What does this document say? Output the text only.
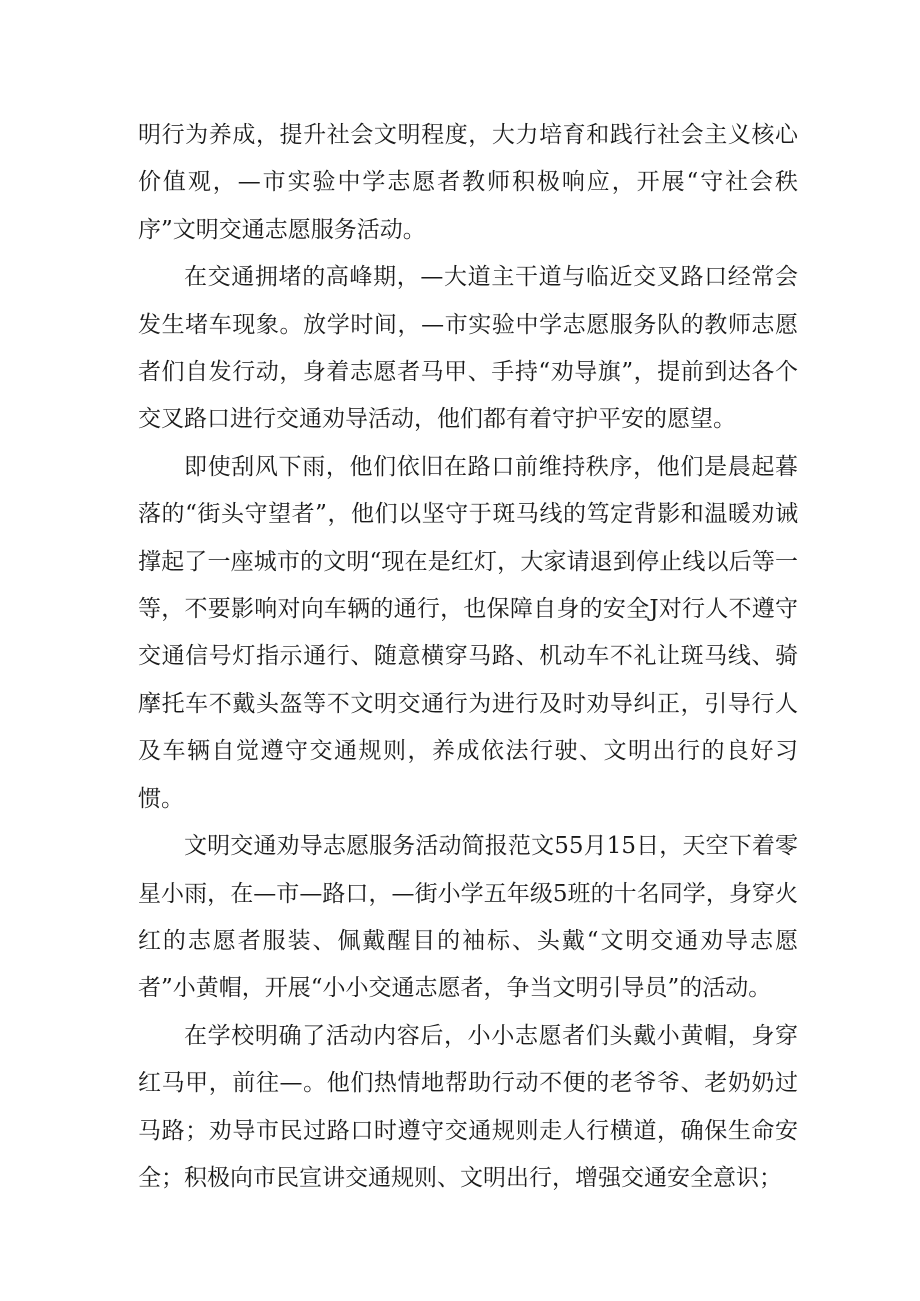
明行为养成，提升社会文明程度，大力培育和践行社会主义核心价值观，—市实验中学志愿者教师积极响应，开展“守社会秩序”文明交通志愿服务活动。

在交通拥堵的高峰期，—大道主干道与临近交叉路口经常会发生堵车现象。放学时间，—市实验中学志愿服务队的教师志愿者们自发行动，身着志愿者马甲、手持“劝导旗”，提前到达各个交叉路口进行交通劝导活动，他们都有着守护平安的愿望。

即使刮风下雨，他们依旧在路口前维持秩序，他们是晨起暮落的“街头守望者”，他们以坚守于斑马线的笃定背影和温暖劝诫撑起了一座城市的文明“现在是红灯，大家请退到停止线以后等一等，不要影响对向车辆的通行，也保障自身的安全J对行人不遵守交通信号灯指示通行、随意横穿马路、机动车不礼让斑马线、骑摩托车不戴头盔等不文明交通行为进行及时劝导纠正，引导行人及车辆自觉遵守交通规则，养成依法行驶、文明出行的良好习惯。

文明交通劝导志愿服务活动简报范文55月15日，天空下着零星小雨，在—市—路口，—街小学五年级5班的十名同学，身穿火红的志愿者服装、佩戴醒目的袖标、头戴“文明交通劝导志愿者”小黄帽，开展“小小交通志愿者，争当文明引导员”的活动。

在学校明确了活动内容后，小小志愿者们头戴小黄帽，身穿红马甲，前往—。他们热情地帮助行动不便的老爷爷、老奶奶过马路；劝导市民过路口时遵守交通规则走人行横道，确保生命安全；积极向市民宣讲交通规则、文明出行，增强交通安全意识；
